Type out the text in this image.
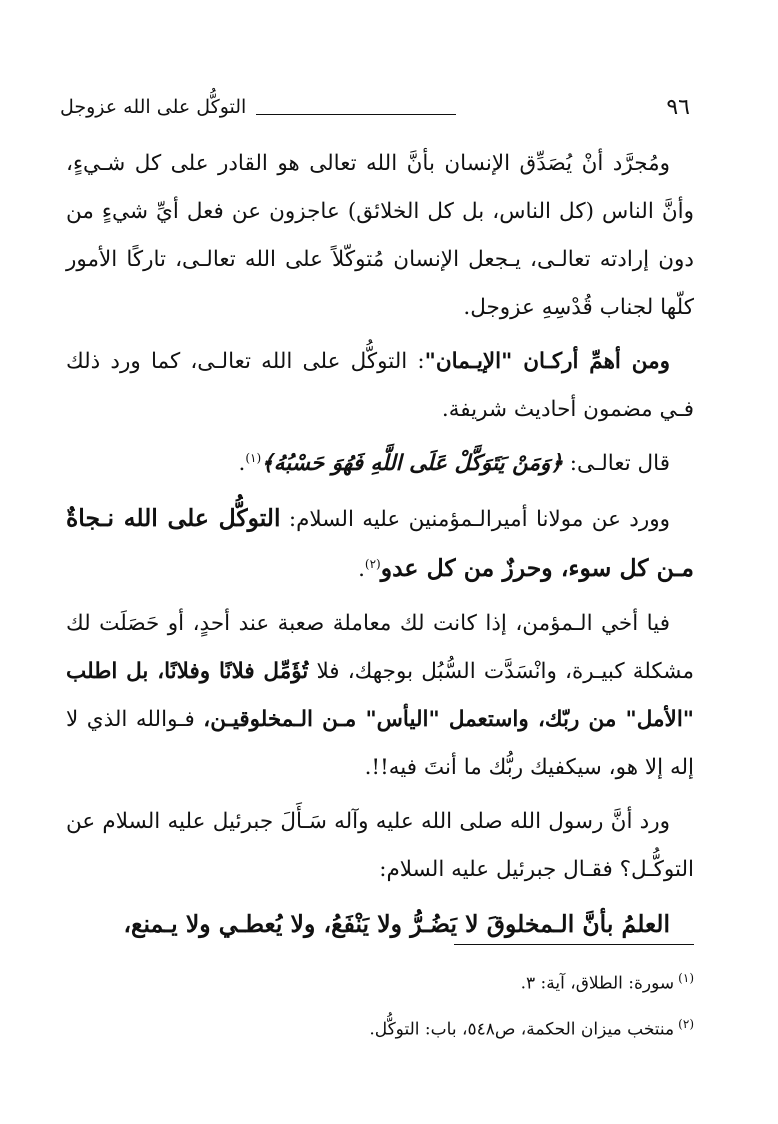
٩٦
التوكُّل على الله عزوجل

ومُجرَّد أنْ يُصَدِّق الإنسان بأنَّ الله تعالى هو القادر على كل شـيءٍ، وأنَّ الناس (كل الناس، بل كل الخلائق) عاجزون عن فعل أيِّ شيءٍ من دون إرادته تعالـى، يـجعل الإنسان مُتوكّلاً على الله تعالـى، تاركًا الأمور كلّها لجناب قُدْسِهِ عزوجل.

ومن أهمِّ أركـان "الإيـمان": التوكُّل على الله تعالـى، كما ورد ذلك فـي مضمون أحاديث شريفة.

قال تعالـى: ﴿وَمَنْ يَتَوَكَّلْ عَلَى اللَّهِ فَهُوَ حَسْبُهُ﴾$^{(١)}$.

وورد عن مولانا أميرالـمؤمنين عليه السلام: التوكُّل على الله نـجاةٌ مـن كل سوء، وحرزٌ من كل عدو$^{(٢)}$.

فيا أخي الـمؤمن، إذا كانت لك معاملة صعبة عند أحدٍ، أو حَصَلَت لك مشكلة كبيـرة، وانْسَدَّت السُّبُل بوجهك، فلا تُؤَمِّل فلانًا وفلانًا، بل اطلب "الأمل" من ربّك، واستعمل "اليأس" مـن الـمخلوقيـن، فـوالله الذي لا إله إلا هو، سيكفيك ربُّك ما أنتَ فيه!!.

ورد أنَّ رسول الله صلى الله عليه وآله سَـأَلَ جبرئيل عليه السلام عن التوكُّـل؟ فقـال جبرئيل عليه السلام:

العلمُ بأنَّ الـمخلوقَ لا يَضُـرُّ ولا يَنْفَعُ، ولا يُعطـي ولا يـمنع،

$^{(١)}$سورة: الطلاق، آية: ٣.
$^{(٢)}$منتخب ميزان الحكمة، ص٥٤٨، باب: التوكُّل.
